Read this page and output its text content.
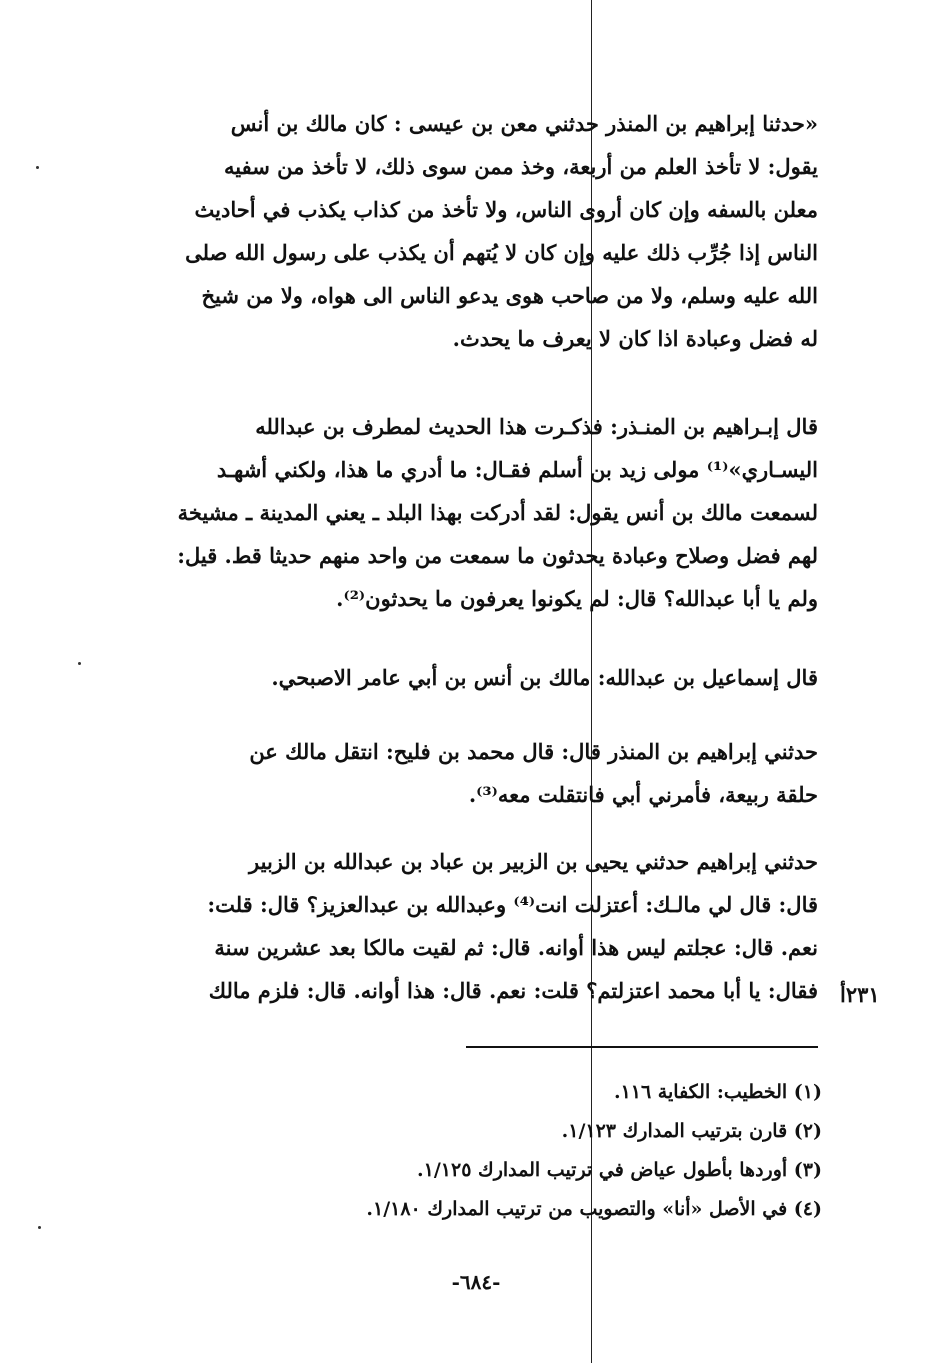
«حدثنا إبراهيم بن المنذر حدثني معن بن عيسى : كان مالك بن أنس
يقول: لا تأخذ العلم من أربعة، وخذ ممن سوى ذلك، لا تأخذ من سفيه
معلن بالسفه وإن كان أروى الناس، ولا تأخذ من كذاب يكذب في أحاديث
الناس إذا جُرِّب ذلك عليه وإن كان لا يُتهم أن يكذب على رسول الله صلى
الله عليه وسلم، ولا من صاحب هوى يدعو الناس الى هواه، ولا من شيخ
له فضل وعبادة اذا كان لا يعرف ما يحدث.
قال إبـراهيم بن المنـذر: فذكـرت هذا الحديث لمطرف بن عبدالله
اليسـاري»⁽¹⁾ مولى زيد بن أسلم فقـال: ما أدري ما هذا، ولكني أشهـد
لسمعت مالك بن أنس يقول: لقد أدركت بهذا البلد ـ يعني المدينة ـ مشيخة
لهم فضل وصلاح وعبادة يحدثون ما سمعت من واحد منهم حديثا قط. قيل:
ولم يا أبا عبدالله؟ قال: لم يكونوا يعرفون ما يحدثون⁽²⁾.
قال إسماعيل بن عبدالله: مالك بن أنس بن أبي عامر الاصبحي.
حدثني إبراهيم بن المنذر قال: قال محمد بن فليح: انتقل مالك عن
حلقة ربيعة، فأمرني أبي فانتقلت معه⁽³⁾.
حدثني إبراهيم حدثني يحيى بن الزبير بن عباد بن عبدالله بن الزبير
قال: قال لي مالـك: أعتزلت انت⁽⁴⁾ وعبدالله بن عبدالعزيز؟ قال: قلت:
نعم. قال: عجلتم ليس هذا أوانه. قال: ثم لقيت مالكا بعد عشرين سنة
فقال: يا أبا محمد اعتزلتم؟ قلت: نعم. قال: هذا أوانه. قال: فلزم مالك ٢٣١أ
(١) الخطيب: الكفاية ١١٦.
(٢) قارن بترتيب المدارك ١/١٢٣.
(٣) أوردها بأطول عياض في ترتيب المدارك ١/١٢٥.
(٤) في الأصل «أنا» والتصويب من ترتيب المدارك ١/١٨٠.
-٦٨٤-
